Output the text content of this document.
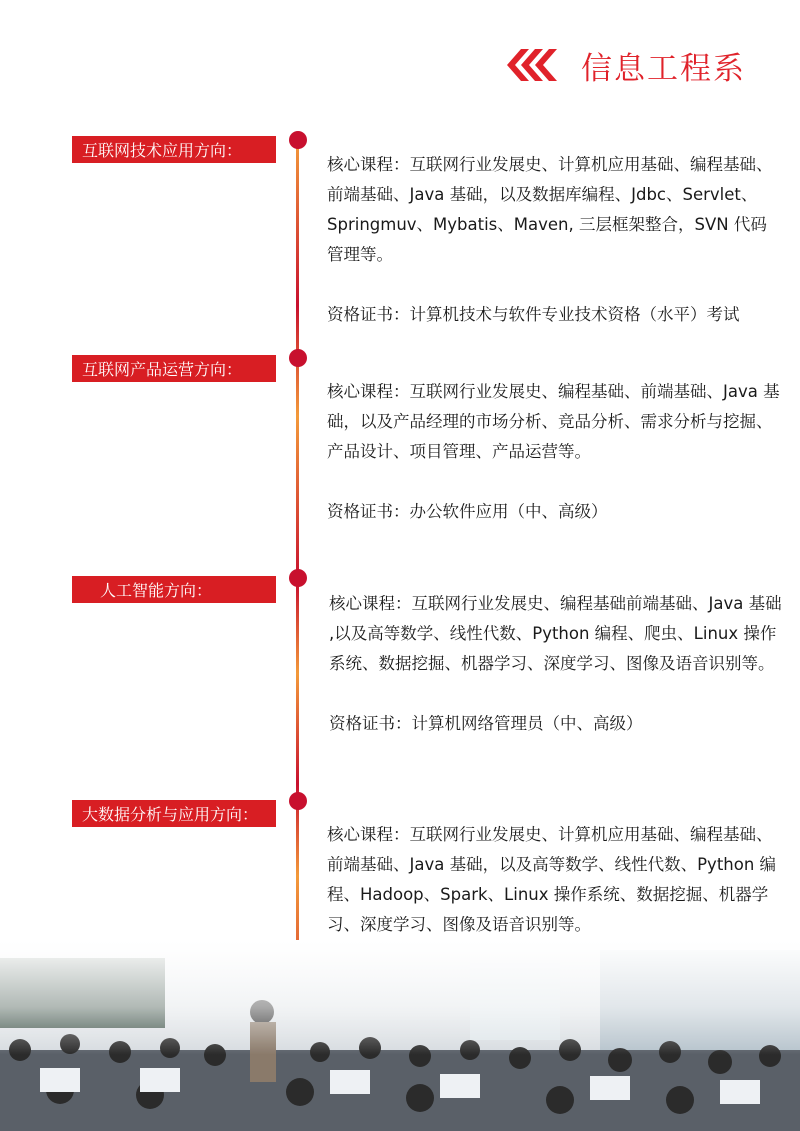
信息工程系
互联网技术应用方向：
互联网产品运营方向：
人工智能方向：
大数据分析与应用方向：

核心课程：互联网行业发展史、计算机应用基础、编程基础、前端基础、Java 基础，以及数据库编程、Jdbc、Servlet、Springmuv、Mybatis、Maven, 三层框架整合，SVN 代码管理等。

资格证书：计算机技术与软件专业技术资格（水平）考试

核心课程：互联网行业发展史、编程基础、前端基础、Java 基础，以及产品经理的市场分析、竞品分析、需求分析与挖掘、产品设计、项目管理、产品运营等。

资格证书：办公软件应用（中、高级）

核心课程：互联网行业发展史、编程基础前端基础、Java 基础 ,以及高等数学、线性代数、Python 编程、爬虫、Linux 操作系统、数据挖掘、机器学习、深度学习、图像及语音识别等。

资格证书：计算机网络管理员（中、高级）

核心课程：互联网行业发展史、计算机应用基础、编程基础、前端基础、Java 基础，以及高等数学、线性代数、Python 编程、Hadoop、Spark、Linux 操作系统、数据挖掘、机器学习、深度学习、图像及语音识别等。
